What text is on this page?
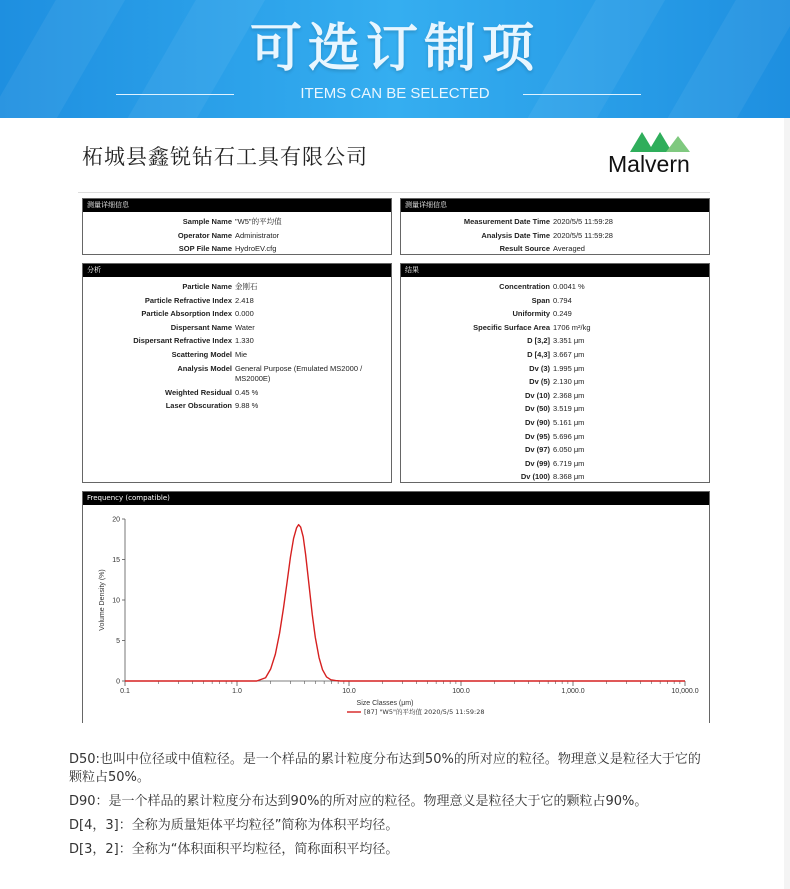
可选订制项
ITEMS CAN BE SELECTED
柘城县鑫锐钻石工具有限公司	Malvern
测量详细信息
Sample Name "W5"的平均值
Operator Name Administrator
SOP File Name HydroEV.cfg
测量详细信息
Measurement Date Time 2020/5/5 11:59:28
Analysis Date Time 2020/5/5 11:59:28
Result Source Averaged
分析
Particle Name 金刚石
Particle Refractive Index 2.418
Particle Absorption Index 0.000
Dispersant Name Water
Dispersant Refractive Index 1.330
Scattering Model Mie
Analysis Model General Purpose (Emulated MS2000 / MS2000E)
Weighted Residual 0.45 %
Laser Obscuration 9.88 %
结果
Concentration 0.0041 %
Span 0.794
Uniformity 0.249
Specific Surface Area 1706 m²/kg
D [3,2] 3.351 μm
D [4,3] 3.667 μm
Dv (3) 1.995 μm
Dv (5) 2.130 μm
Dv (10) 2.368 μm
Dv (50) 3.519 μm
Dv (90) 5.161 μm
Dv (95) 5.696 μm
Dv (97) 6.050 μm
Dv (99) 6.719 μm
Dv (100) 8.368 μm
Frequency (compatible)
0
5
10
15
20
0.1	1.0	10.0	100.0	1,000.0	10,000.0
Size Classes (μm)
Volume Density (%)
[87] "W5"的平均值 2020/5/5 11:59:28

D50:也叫中位径或中值粒径。是一个样品的累计粒度分布达到50%的所对应的粒径。物理意义是粒径大于它的颗粒占50%。

D90：是一个样品的累计粒度分布达到90%的所对应的粒径。物理意义是粒径大于它的颗粒占90%。

D[4，3]：全称为质量矩体平均粒径”简称为体积平均径。

D[3，2]：全称为“体积面积平均粒径，简称面积平均径。
